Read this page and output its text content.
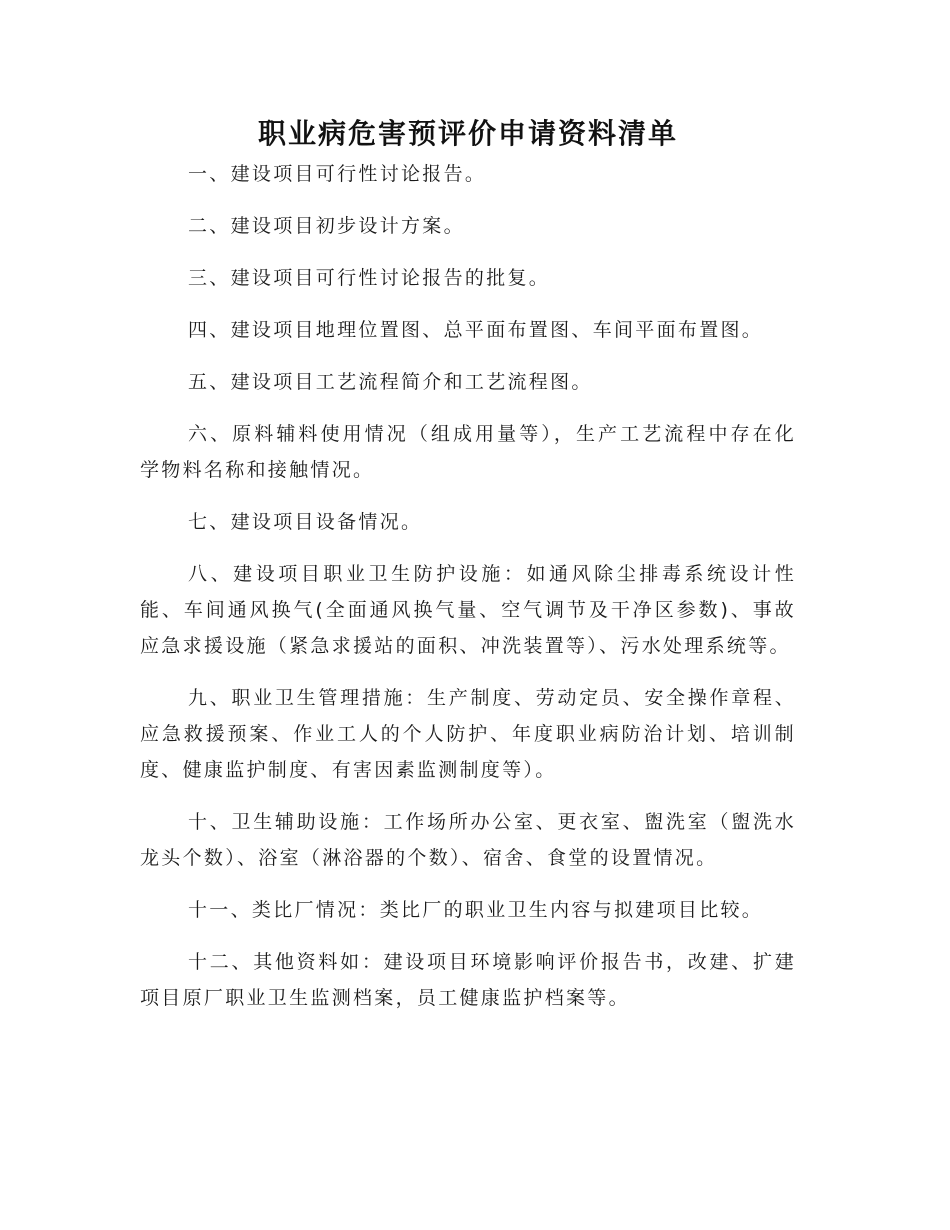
职业病危害预评价申请资料清单

一、建设项目可行性讨论报告。

二、建设项目初步设计方案。

三、建设项目可行性讨论报告的批复。

四、建设项目地理位置图、总平面布置图、车间平面布置图。

五、建设项目工艺流程简介和工艺流程图。

六、原料辅料使用情况（组成用量等），生产工艺流程中存在化学物料名称和接触情况。

七、建设项目设备情况。

八、建设项目职业卫生防护设施：如通风除尘排毒系统设计性能、车间通风换气(全面通风换气量、空气调节及干净区参数)、事故应急求援设施（紧急求援站的面积、冲洗装置等）、污水处理系统等。

九、职业卫生管理措施：生产制度、劳动定员、安全操作章程、应急救援预案、作业工人的个人防护、年度职业病防治计划、培训制度、健康监护制度、有害因素监测制度等）。

十、卫生辅助设施：工作场所办公室、更衣室、盥洗室（盥洗水龙头个数）、浴室（淋浴器的个数）、宿舍、食堂的设置情况。

十一、类比厂情况：类比厂的职业卫生内容与拟建项目比较。

十二、其他资料如：建设项目环境影响评价报告书，改建、扩建项目原厂职业卫生监测档案，员工健康监护档案等。
